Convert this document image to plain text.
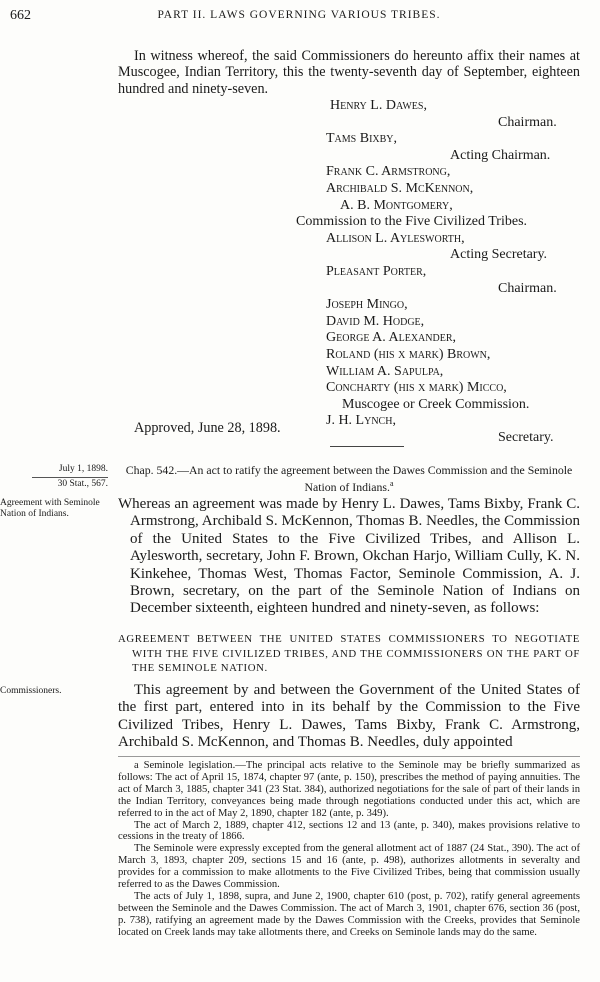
662	PART II. LAWS GOVERNING VARIOUS TRIBES.

In witness whereof, the said Commissioners do hereunto affix their names at Muscogee, Indian Territory, this the twenty-seventh day of September, eighteen hundred and ninety-seven.

Henry L. Dawes,
Chairman.
Tams Bixby,
Acting Chairman.
Frank C. Armstrong,
Archibald S. McKennon,
A. B. Montgomery,
Commission to the Five Civilized Tribes.
Allison L. Aylesworth,
Acting Secretary.
Pleasant Porter,
Chairman.
Joseph Mingo,
David M. Hodge,
George A. Alexander,
Roland (his x mark) Brown,
William A. Sapulpa,
Concharty (his x mark) Micco,
Muscogee or Creek Commission.
J. H. Lynch,
Secretary.
Approved, June 28, 1898.
July 1, 1898.
30 Stat., 567.
Agreement with Seminole Nation of Indians.
Commissioners.
Chap. 542.—An act to ratify the agreement between the Dawes Commission and the Seminole Nation of Indians.$^a$

Whereas an agreement was made by Henry L. Dawes, Tams Bixby, Frank C. Armstrong, Archibald S. McKennon, Thomas B. Needles, the Commission of the United States to the Five Civilized Tribes, and Allison L. Aylesworth, secretary, John F. Brown, Okchan Harjo, William Cully, K. N. Kinkehee, Thomas West, Thomas Factor, Seminole Commission, A. J. Brown, secretary, on the part of the Seminole Nation of Indians on December sixteenth, eighteen hundred and ninety-seven, as follows:

AGREEMENT BETWEEN THE UNITED STATES COMMISSIONERS TO NEGOTIATE WITH THE FIVE CIVILIZED TRIBES, AND THE COMMISSIONERS ON THE PART OF THE SEMINOLE NATION.

This agreement by and between the Government of the United States of the first part, entered into in its behalf by the Commission to the Five Civilized Tribes, Henry L. Dawes, Tams Bixby, Frank C. Armstrong, Archibald S. McKennon, and Thomas B. Needles, duly appointed

a Seminole legislation.—The principal acts relative to the Seminole may be briefly summarized as follows: The act of April 15, 1874, chapter 97 (ante, p. 150), prescribes the method of paying annuities. The act of March 3, 1885, chapter 341 (23 Stat. 384), authorized negotiations for the sale of part of their lands in the Indian Territory, conveyances being made through negotiations conducted under this act, which are referred to in the act of May 2, 1890, chapter 182 (ante, p. 349).

The act of March 2, 1889, chapter 412, sections 12 and 13 (ante, p. 340), makes provisions relative to cessions in the treaty of 1866.

The Seminole were expressly excepted from the general allotment act of 1887 (24 Stat., 390). The act of March 3, 1893, chapter 209, sections 15 and 16 (ante, p. 498), authorizes allotments in severalty and provides for a commission to make allotments to the Five Civilized Tribes, being that commission usually referred to as the Dawes Commission.

The acts of July 1, 1898, supra, and June 2, 1900, chapter 610 (post, p. 702), ratify general agreements between the Seminole and the Dawes Commission. The act of March 3, 1901, chapter 676, section 36 (post, p. 738), ratifying an agreement made by the Dawes Commission with the Creeks, provides that Seminole located on Creek lands may take allotments there, and Creeks on Seminole lands may do the same.
